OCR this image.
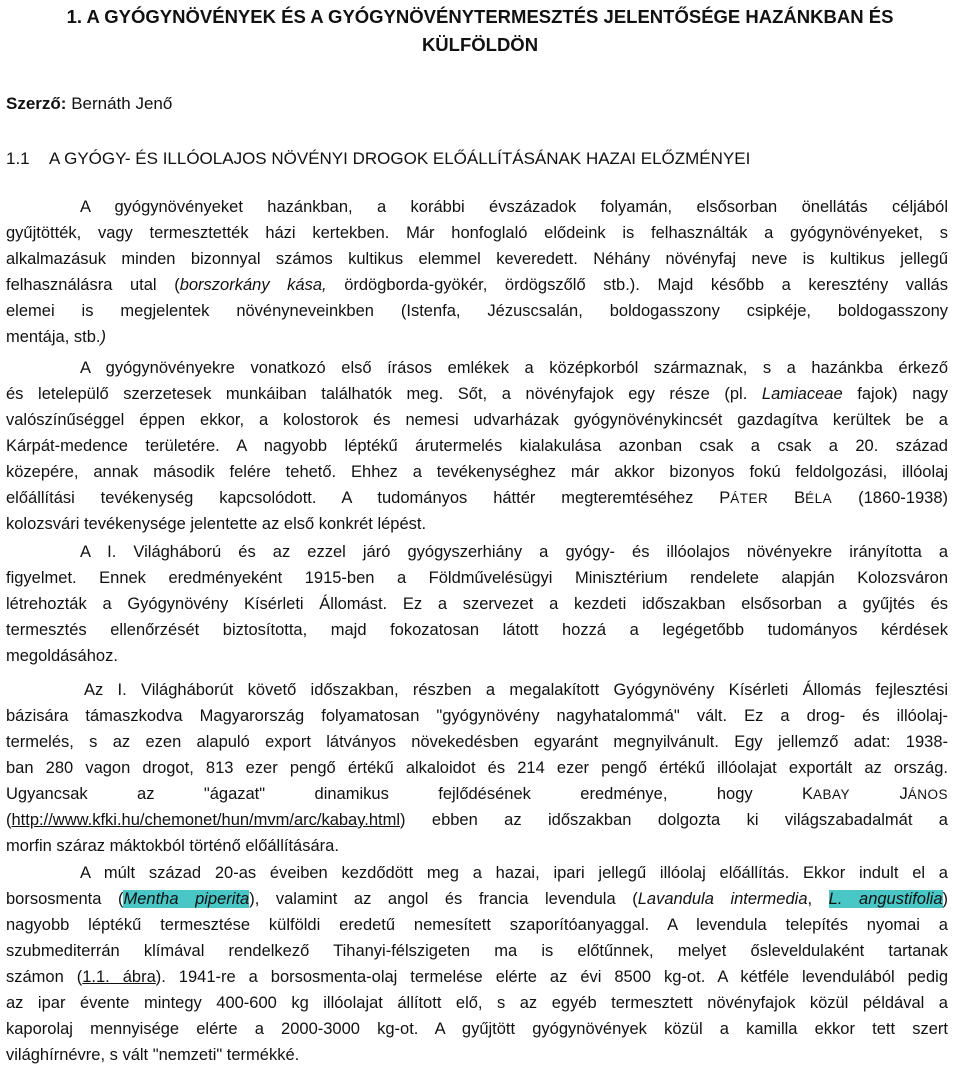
1. A GYÓGYNÖVÉNYEK ÉS A GYÓGYNÖVÉNYTERMESZTÉS JELENTŐSÉGE HAZÁNKBAN ÉS
KÜLFÖLDÖN
Szerző: Bernáth Jenő
1.1 A GYÓGY- ÉS ILLÓOLAJOS NÖVÉNYI DROGOK ELŐÁLLÍTÁSÁNAK HAZAI ELŐZMÉNYEI
A gyógynövényeket hazánkban, a korábbi évszázadok folyamán, elsősorban önellátás céljából
gyűjtötték, vagy termesztették házi kertekben. Már honfoglaló elődeink is felhasználták a gyógynövényeket, s
alkalmazásuk minden bizonnyal számos kultikus elemmel keveredett. Néhány növényfaj neve is kultikus jellegű
felhasználásra utal (borszorkány kása, ördögborda-gyökér, ördögszőlő stb.). Majd később a keresztény vallás
elemei is megjelentek növényneveinkben (Istenfa, Jézuscsalán, boldogasszony csipkéje, boldogasszony
mentája, stb.)
A gyógynövényekre vonatkozó első írásos emlékek a középkorból származnak, s a hazánkba érkező
és letelepülő szerzetesek munkáiban találhatók meg. Sőt, a növényfajok egy része (pl. Lamiaceae fajok) nagy
valószínűséggel éppen ekkor, a kolostorok és nemesi udvarházak gyógynövénykincsét gazdagítva kerültek be a
Kárpát-medence területére. A nagyobb léptékű árutermelés kialakulása azonban csak a csak a 20. század
közepére, annak második felére tehető. Ehhez a tevékenységhez már akkor bizonyos fokú feldolgozási, illóolaj
előállítási tevékenység kapcsolódott. A tudományos háttér megteremtéséhez PÁTER BÉLA (1860-1938)
kolozsvári tevékenysége jelentette az első konkrét lépést.
A I. Világháború és az ezzel járó gyógyszerhiány a gyógy- és illóolajos növényekre irányította a
figyelmet. Ennek eredményeként 1915-ben a Földművelésügyi Minisztérium rendelete alapján Kolozsváron
létrehozták a Gyógynövény Kísérleti Állomást. Ez a szervezet a kezdeti időszakban elsősorban a gyűjtés és
termesztés ellenőrzését biztosította, majd fokozatosan látott hozzá a legégetőbb tudományos kérdések
megoldásához.
Az I. Világháborút követő időszakban, részben a megalakított Gyógynövény Kísérleti Állomás fejlesztési
bázisára támaszkodva Magyarország folyamatosan "gyógynövény nagyhatalommá" vált. Ez a drog- és illóolaj-
termelés, s az ezen alapuló export látványos növekedésben egyaránt megnyilvánult. Egy jellemző adat: 1938-
ban 280 vagon drogot, 813 ezer pengő értékű alkaloidot és 214 ezer pengő értékű illóolajat exportált az ország.
Ugyancsak az "ágazat" dinamikus fejlődésének eredménye, hogy KABAY JÁNOS
(http://www.kfki.hu/chemonet/hun/mvm/arc/kabay.html) ebben az időszakban dolgozta ki világszabadalmát a
morfin száraz máktokból történő előállítására.
A múlt század 20-as éveiben kezdődött meg a hazai, ipari jellegű illóolaj előállítás. Ekkor indult el a
borsosmenta (Mentha piperita), valamint az angol és francia levendula (Lavandula intermedia, L. angustifolia)
nagyobb léptékű termesztése külföldi eredetű nemesített szaporítóanyaggal. A levendula telepítés nyomai a
szubmediterrán klímával rendelkező Tihanyi-félszigeten ma is előtűnnek, melyet ősleveldulaként tartanak
számon (1.1. ábra). 1941-re a borsosmenta-olaj termelése elérte az évi 8500 kg-ot. A kétféle levendulából pedig
az ipar évente mintegy 400-600 kg illóolajat állított elő, s az egyéb termesztett növényfajok közül példával a
kaporolaj mennyisége elérte a 2000-3000 kg-ot. A gyűjtött gyógynövények közül a kamilla ekkor tett szert
világhírnévre, s vált "nemzeti" termékké.
